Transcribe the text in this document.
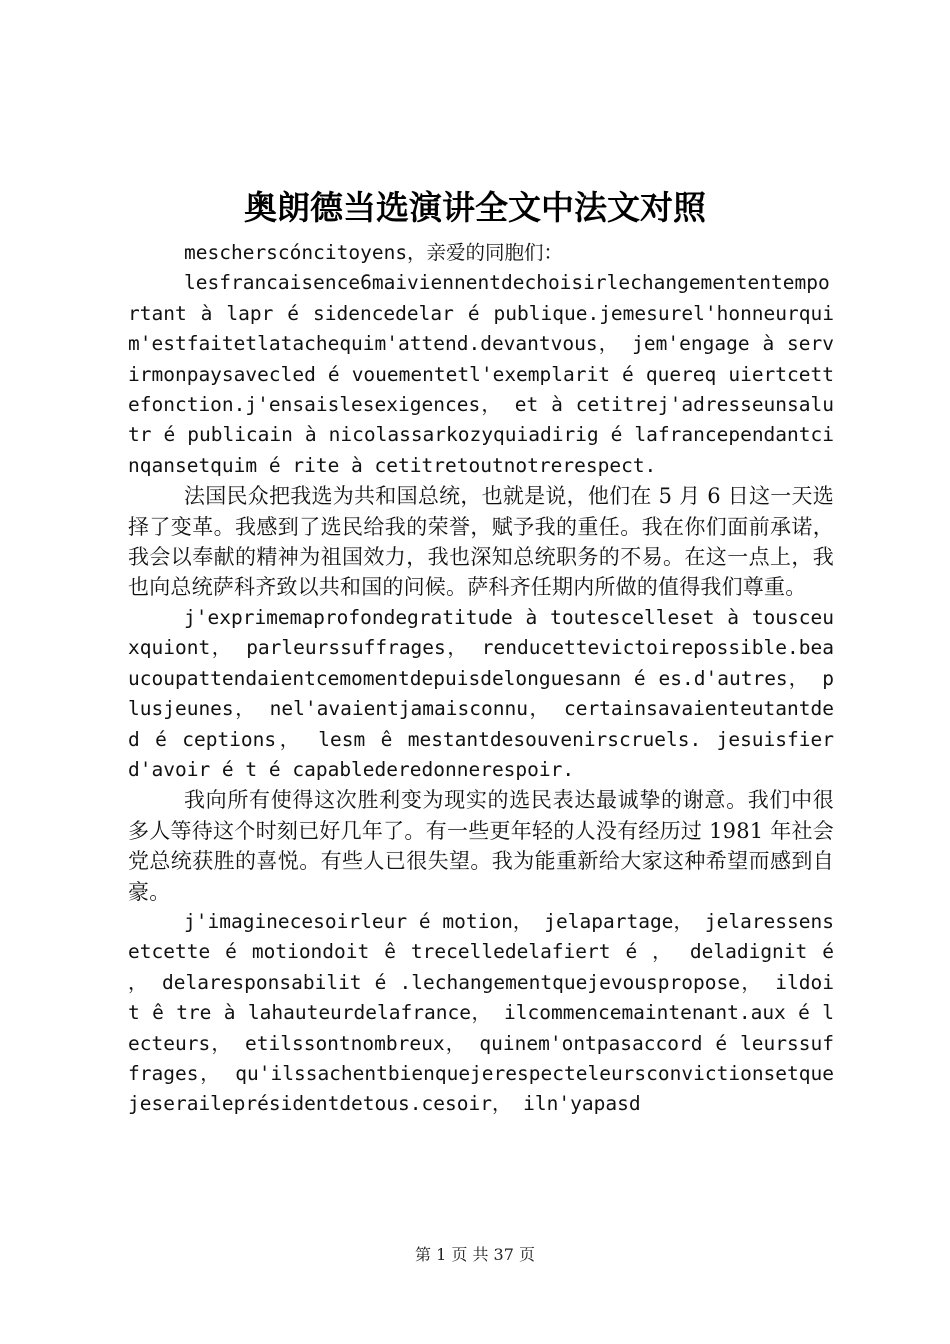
奥朗德当选演讲全文中法文对照

mescherscóncitoyens，亲爱的同胞们：

lesfrancaisence6maiviennentdechoisirlechangemententemportant à lapr é sidencedelar é publique.jemesurel'honneurquim'estfaitetlatachequim'attend.devantvous， jem'engage à servirmonpaysavecled é vouementetl'exemplarit é quereq uiertcettefonction.j'ensaislesexigences， et à cetitrej'adresseunsalutr é publicain à nicolassarkozyquiadirig é lafrancependantcinqansetquim é rite à cetitretoutnotrerespect.

法国民众把我选为共和国总统，也就是说，他们在 5 月 6 日这一天选择了变革。我感到了选民给我的荣誉，赋予我的重任。我在你们面前承诺，我会以奉献的精神为祖国效力，我也深知总统职务的不易。在这一点上，我也向总统萨科齐致以共和国的问候。萨科齐任期内所做的值得我们尊重。

j'exprimemaprofondegratitude à toutescelleset à tousceuxquiont， parleurssuffrages， renducettevictoirepossible.beaucoupattendaientcemomentdepuisdelonguesann é es.d'autres， plusjeunes， nel'avaientjamaisconnu， certainsavaienteutantded é ceptions， lesm ê mestantdesouvenirscruels. jesuisfierd'avoir é t é capablederedonnerespoir.

我向所有使得这次胜利变为现实的选民表达最诚挚的谢意。我们中很多人等待这个时刻已好几年了。有一些更年轻的人没有经历过 1981 年社会党总统获胜的喜悦。有些人已很失望。我为能重新给大家这种希望而感到自豪。

j'imaginecesoirleur é motion， jelapartage， jelaressensetcette é motiondoit ê trecelledelafiert é ， deladignit é ， delaresponsabilit é .lechangementquejevouspropose， ildoit ê tre à lahauteurdelafrance， ilcommencemaintenant.aux é lecteurs， etilssontnombreux， quinem'ontpasaccord é leurssuffrages， qu'ilssachentbienquejerespecteleursconvictionsetquejeseraileprésidentdetous.cesoir， iln'yapasd

第 1 页 共 37 页
